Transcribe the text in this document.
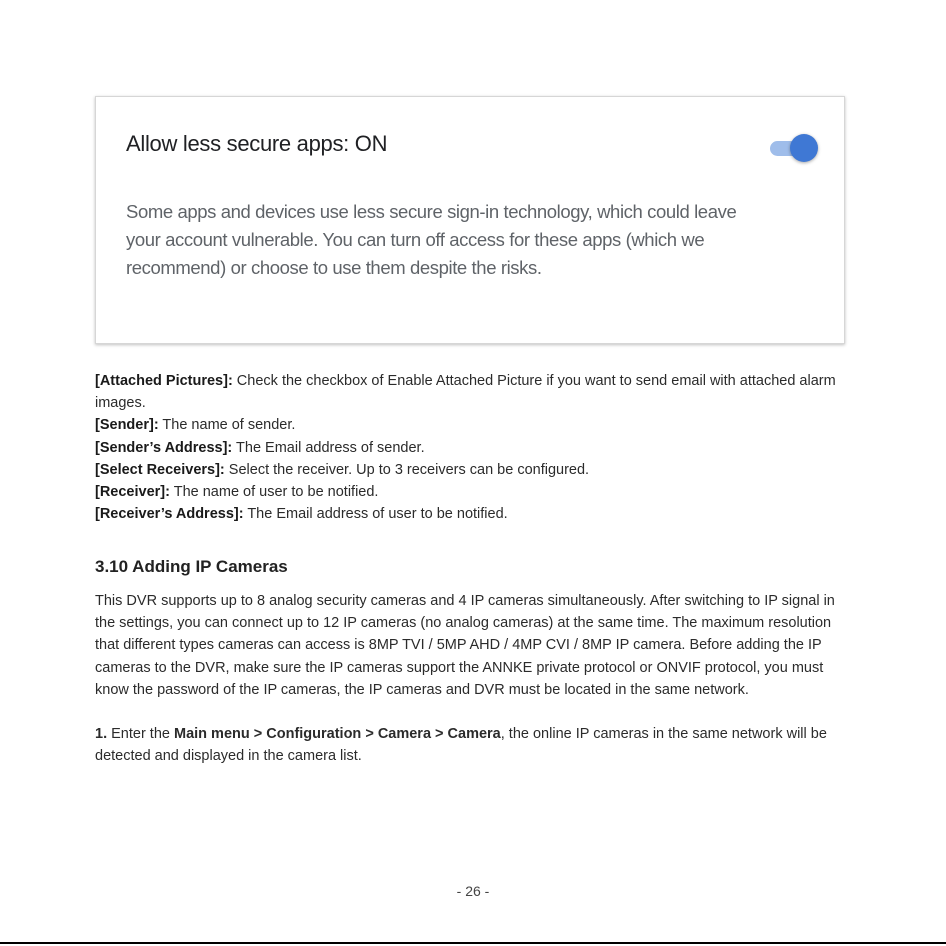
Allow less secure apps: ON
Some apps and devices use less secure sign-in technology, which could leave your account vulnerable. You can turn off access for these apps (which we recommend) or choose to use them despite the risks.
[Attached Pictures]: Check the checkbox of Enable Attached Picture if you want to send email with attached alarm images.
[Sender]: The name of sender.
[Sender’s Address]: The Email address of sender.
[Select Receivers]: Select the receiver. Up to 3 receivers can be configured.
[Receiver]: The name of user to be notified.
[Receiver’s Address]: The Email address of user to be notified.
3.10 Adding IP Cameras
This DVR supports up to 8 analog security cameras and 4 IP cameras simultaneously. After switching to IP signal in the settings, you can connect up to 12 IP cameras (no analog cameras) at the same time. The maximum resolution that different types cameras can access is 8MP TVI / 5MP AHD / 4MP CVI / 8MP IP camera. Before adding the IP cameras to the DVR, make sure the IP cameras support the ANNKE private protocol or ONVIF protocol, you must know the password of the IP cameras, the IP cameras and DVR must be located in the same network.
1. Enter the Main menu > Configuration > Camera > Camera, the online IP cameras in the same network will be detected and displayed in the camera list.
- 26 -
